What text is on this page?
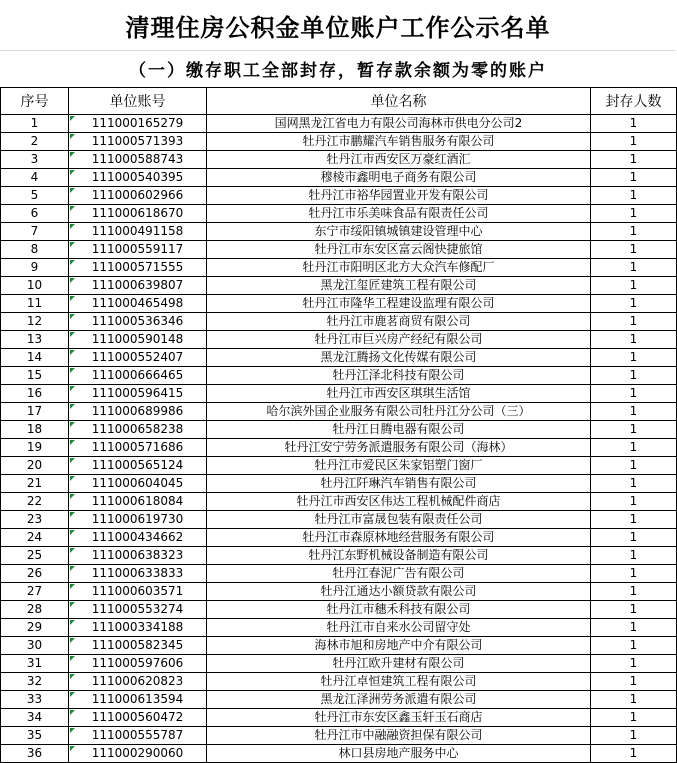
清理住房公积金单位账户工作公示名单
（一）缴存职工全部封存，暂存款余额为零的账户
序号	单位账号	单位名称	封存人数
1	111000165279	国网黑龙江省电力有限公司海林市供电分公司2	1
2	111000571393	牡丹江市鹏耀汽车销售服务有限公司	1
3	111000588743	牡丹江市西安区万豪红酒汇	1
4	111000540395	穆棱市鑫明电子商务有限公司	1
5	111000602966	牡丹江市裕华园置业开发有限公司	1
6	111000618670	牡丹江市乐美味食品有限责任公司	1
7	111000491158	东宁市绥阳镇城镇建设管理中心	1
8	111000559117	牡丹江市东安区富云阁快捷旅馆	1
9	111000571555	牡丹江市阳明区北方大众汽车修配厂	1
10	111000639807	黑龙江玺匠建筑工程有限公司	1
11	111000465498	牡丹江市隆华工程建设监理有限公司	1
12	111000536346	牡丹江市鹿茗商贸有限公司	1
13	111000590148	牡丹江市巨兴房产经纪有限公司	1
14	111000552407	黑龙江腾扬文化传媒有限公司	1
15	111000666465	牡丹江泽北科技有限公司	1
16	111000596415	牡丹江市西安区琪琪生活馆	1
17	111000689986	哈尔滨外国企业服务有限公司牡丹江分公司（三）	1
18	111000658238	牡丹江日腾电器有限公司	1
19	111000571686	牡丹江安宁劳务派遣服务有限公司（海林）	1
20	111000565124	牡丹江市爱民区朱家铝塑门窗厂	1
21	111000604045	牡丹江阡琳汽车销售有限公司	1
22	111000618084	牡丹江市西安区伟达工程机械配件商店	1
23	111000619730	牡丹江市富晟包装有限责任公司	1
24	111000434662	牡丹江市森原林地经营服务有限公司	1
25	111000638323	牡丹江东野机械设备制造有限公司	1
26	111000633833	牡丹江春泥广告有限公司	1
27	111000603571	牡丹江通达小额贷款有限公司	1
28	111000553274	牡丹江市穗禾科技有限公司	1
29	111000334188	牡丹江市自来水公司留守处	1
30	111000582345	海林市旭和房地产中介有限公司	1
31	111000597606	牡丹江欧升建材有限公司	1
32	111000620823	牡丹江卓恒建筑工程有限公司	1
33	111000613594	黑龙江泽洲劳务派遣有限公司	1
34	111000560472	牡丹江市东安区鑫玉轩玉石商店	1
35	111000555787	牡丹江市中融融资担保有限公司	1
36	111000290060	林口县房地产服务中心	1
